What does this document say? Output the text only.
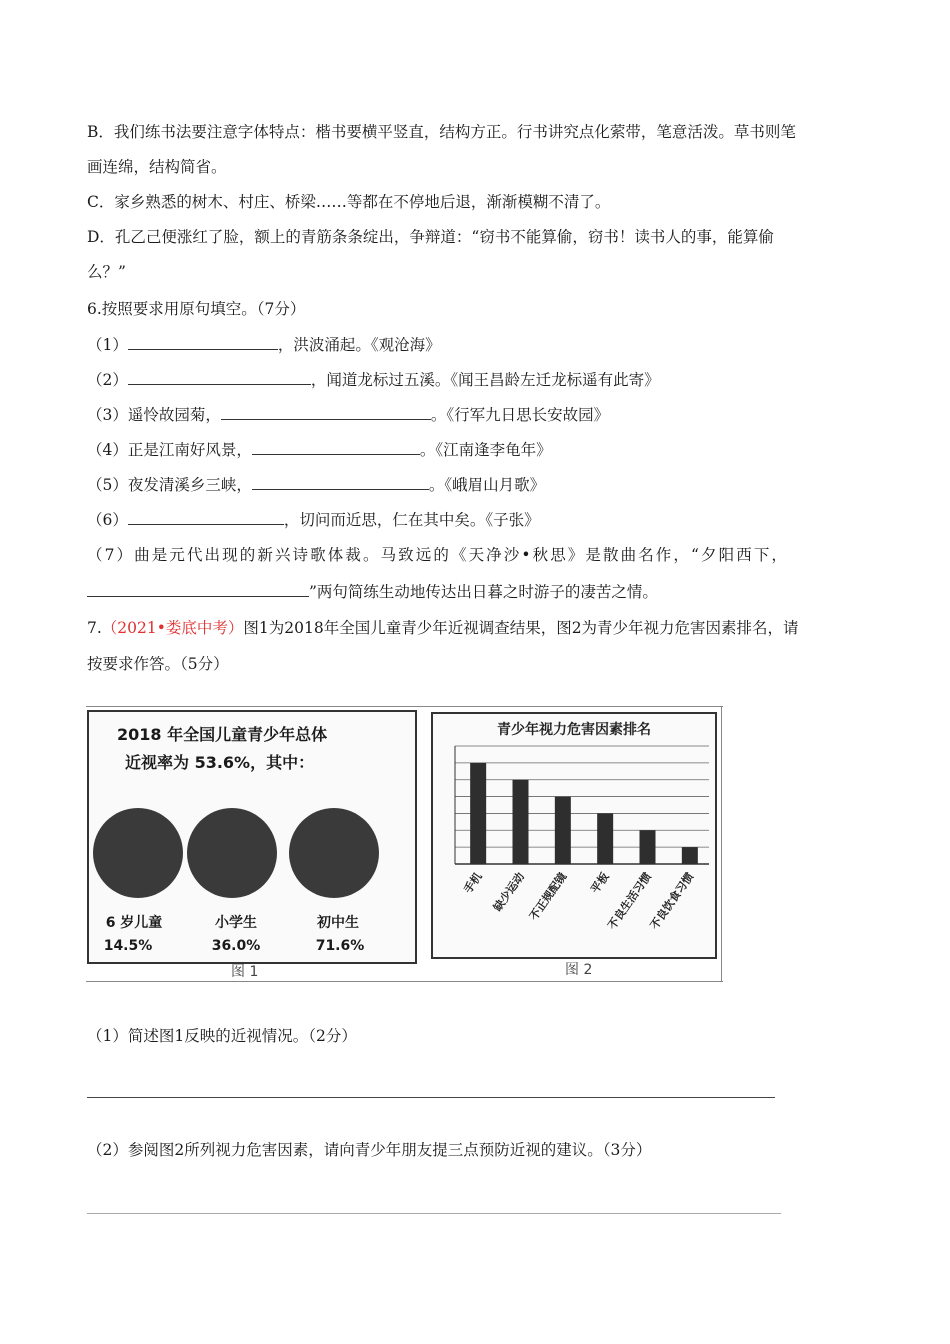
B．我们练书法要注意字体特点：楷书要横平竖直，结构方正。行书讲究点化萦带，笔意活泼。草书则笔
画连绵，结构简省。
C．家乡熟悉的树木、村庄、桥梁……等都在不停地后退，渐渐模糊不清了。
D．孔乙己便涨红了脸，额上的青筋条条绽出，争辩道：“窃书不能算偷，窃书！读书人的事，能算偷
么？”
6.按照要求用原句填空。（7分）
（1）	，洪波涌起。《观沧海》
（2）	，闻道龙标过五溪。《闻王昌龄左迁龙标遥有此寄》
（3）遥怜故园菊，	。《行军九日思长安故园》
（4）正是江南好风景，	。《江南逢李龟年》
（5）夜发清溪乡三峡，	。《峨眉山月歌》
（6）	，切问而近思，仁在其中矣。《子张》
（7）曲是元代出现的新兴诗歌体裁。马致远的《天净沙•秋思》是散曲名作，“夕阳西下，
”两句简练生动地传达出日暮之时游子的凄苦之情。
7.（2021•娄底中考）图1为2018年全国儿童青少年近视调查结果，图2为青少年视力危害因素排名，请
按要求作答。（5分）
2018 年全国儿童青少年总体
近视率为 53.6%，其中：
6 岁儿童	小学生	初中生
14.5%	36.0%	71.6%
图 1
青少年视力危害因素排名
手机 缺少运动 不正规配镜 平板
不良生活习惯
不良饮食习惯
图 2
（1）简述图1反映的近视情况。（2分）
（2）参阅图2所列视力危害因素，请向青少年朋友提三点预防近视的建议。（3分）
